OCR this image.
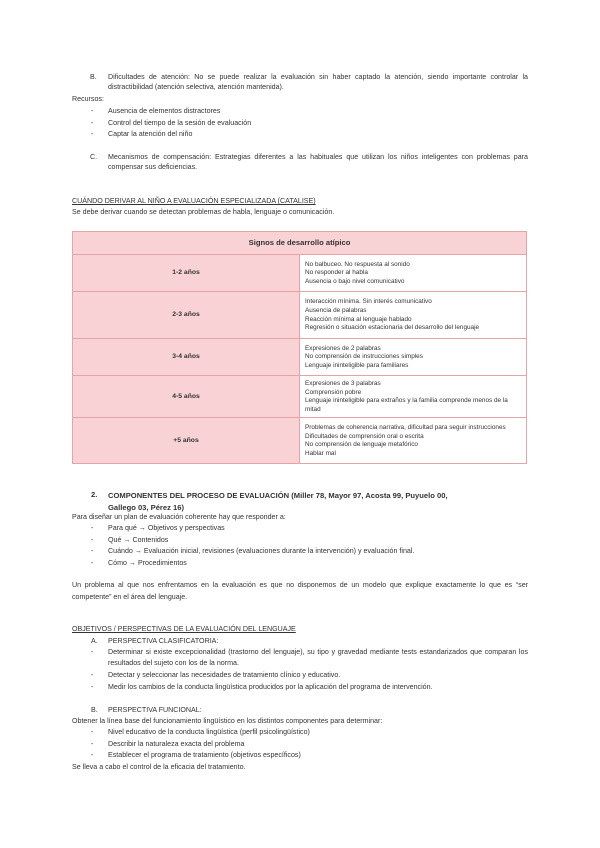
B. Dificultades de atención: No se puede realizar la evaluación sin haber captado la atención, siendo importante controlar la distractibilidad (atención selectiva, atención mantenida).
Recursos:
- Ausencia de elementos distractores
- Control del tiempo de la sesión de evaluación
- Captar la atención del niño
C. Mecanismos de compensación: Estrategias diferentes a las habituales que utilizan los niños inteligentes con problemas para compensar sus deficiencias.
CUÁNDO DERIVAR AL NIÑO A EVALUACIÓN ESPECIALIZADA (CATALISE)
Se debe derivar cuando se detectan problemas de habla, lenguaje o comunicación.
Signos de desarrollo atípico	
1-2 años	No balbuceo. No respuesta al sonido
No responder al habla
Ausencia o bajo nivel comunicativo

2-3 años	Interacción mínima. Sin interés comunicativo
Ausencia de palabras
Reacción mínima al lenguaje hablado
Regresión o situación estacionaria del desarrollo del lenguaje

3-4 años	Expresiones de 2 palabras
No comprensión de instrucciones simples
Lenguaje ininteligible para familiares

4-5 años	Expresiones de 3 palabras
Comprensión pobre
Lenguaje ininteligible para extraños y la familia comprende menos de la mitad

+5 años	Problemas de coherencia narrativa, dificultad para seguir instrucciones
Dificultades de comprensión oral o escrita
No comprensión de lenguaje metafórico
Hablar mal
2. COMPONENTES DEL PROCESO DE EVALUACIÓN (Miller 78, Mayor 97, Acosta 99, Puyuelo 00,
Gallego 03, Pérez 16)
Para diseñar un plan de evaluación coherente hay que responder a:
- Para qué → Objetivos y perspectivas
- Qué → Contenidos
- Cuándo → Evaluación inicial, revisiones (evaluaciones durante la intervención) y evaluación final.
- Cómo → Procedimientos
Un problema al que nos enfrentamos en la evaluación es que no disponemos de un modelo que explique exactamente lo que es “ser competente” en el área del lenguaje.
OBJETIVOS / PERSPECTIVAS DE LA EVALUACIÓN DEL LENGUAJE
A. PERSPECTIVA CLASIFICATORIA:
- Determinar si existe excepcionalidad (trastorno del lenguaje), su tipo y gravedad mediante tests estandarizados que comparan los resultados del sujeto con los de la norma.
- Detectar y seleccionar las necesidades de tratamiento clínico y educativo.
- Medir los cambios de la conducta lingüística producidos por la aplicación del programa de intervención.
B. PERSPECTIVA FUNCIONAL:
Obtener la línea base del funcionamiento lingüístico en los distintos componentes para determinar:
- Nivel educativo de la conducta lingüística (perfil psicolingüístico)
- Describir la naturaleza exacta del problema
- Establecer el programa de tratamiento (objetivos específicos)
Se lleva a cabo el control de la eficacia del tratamiento.
